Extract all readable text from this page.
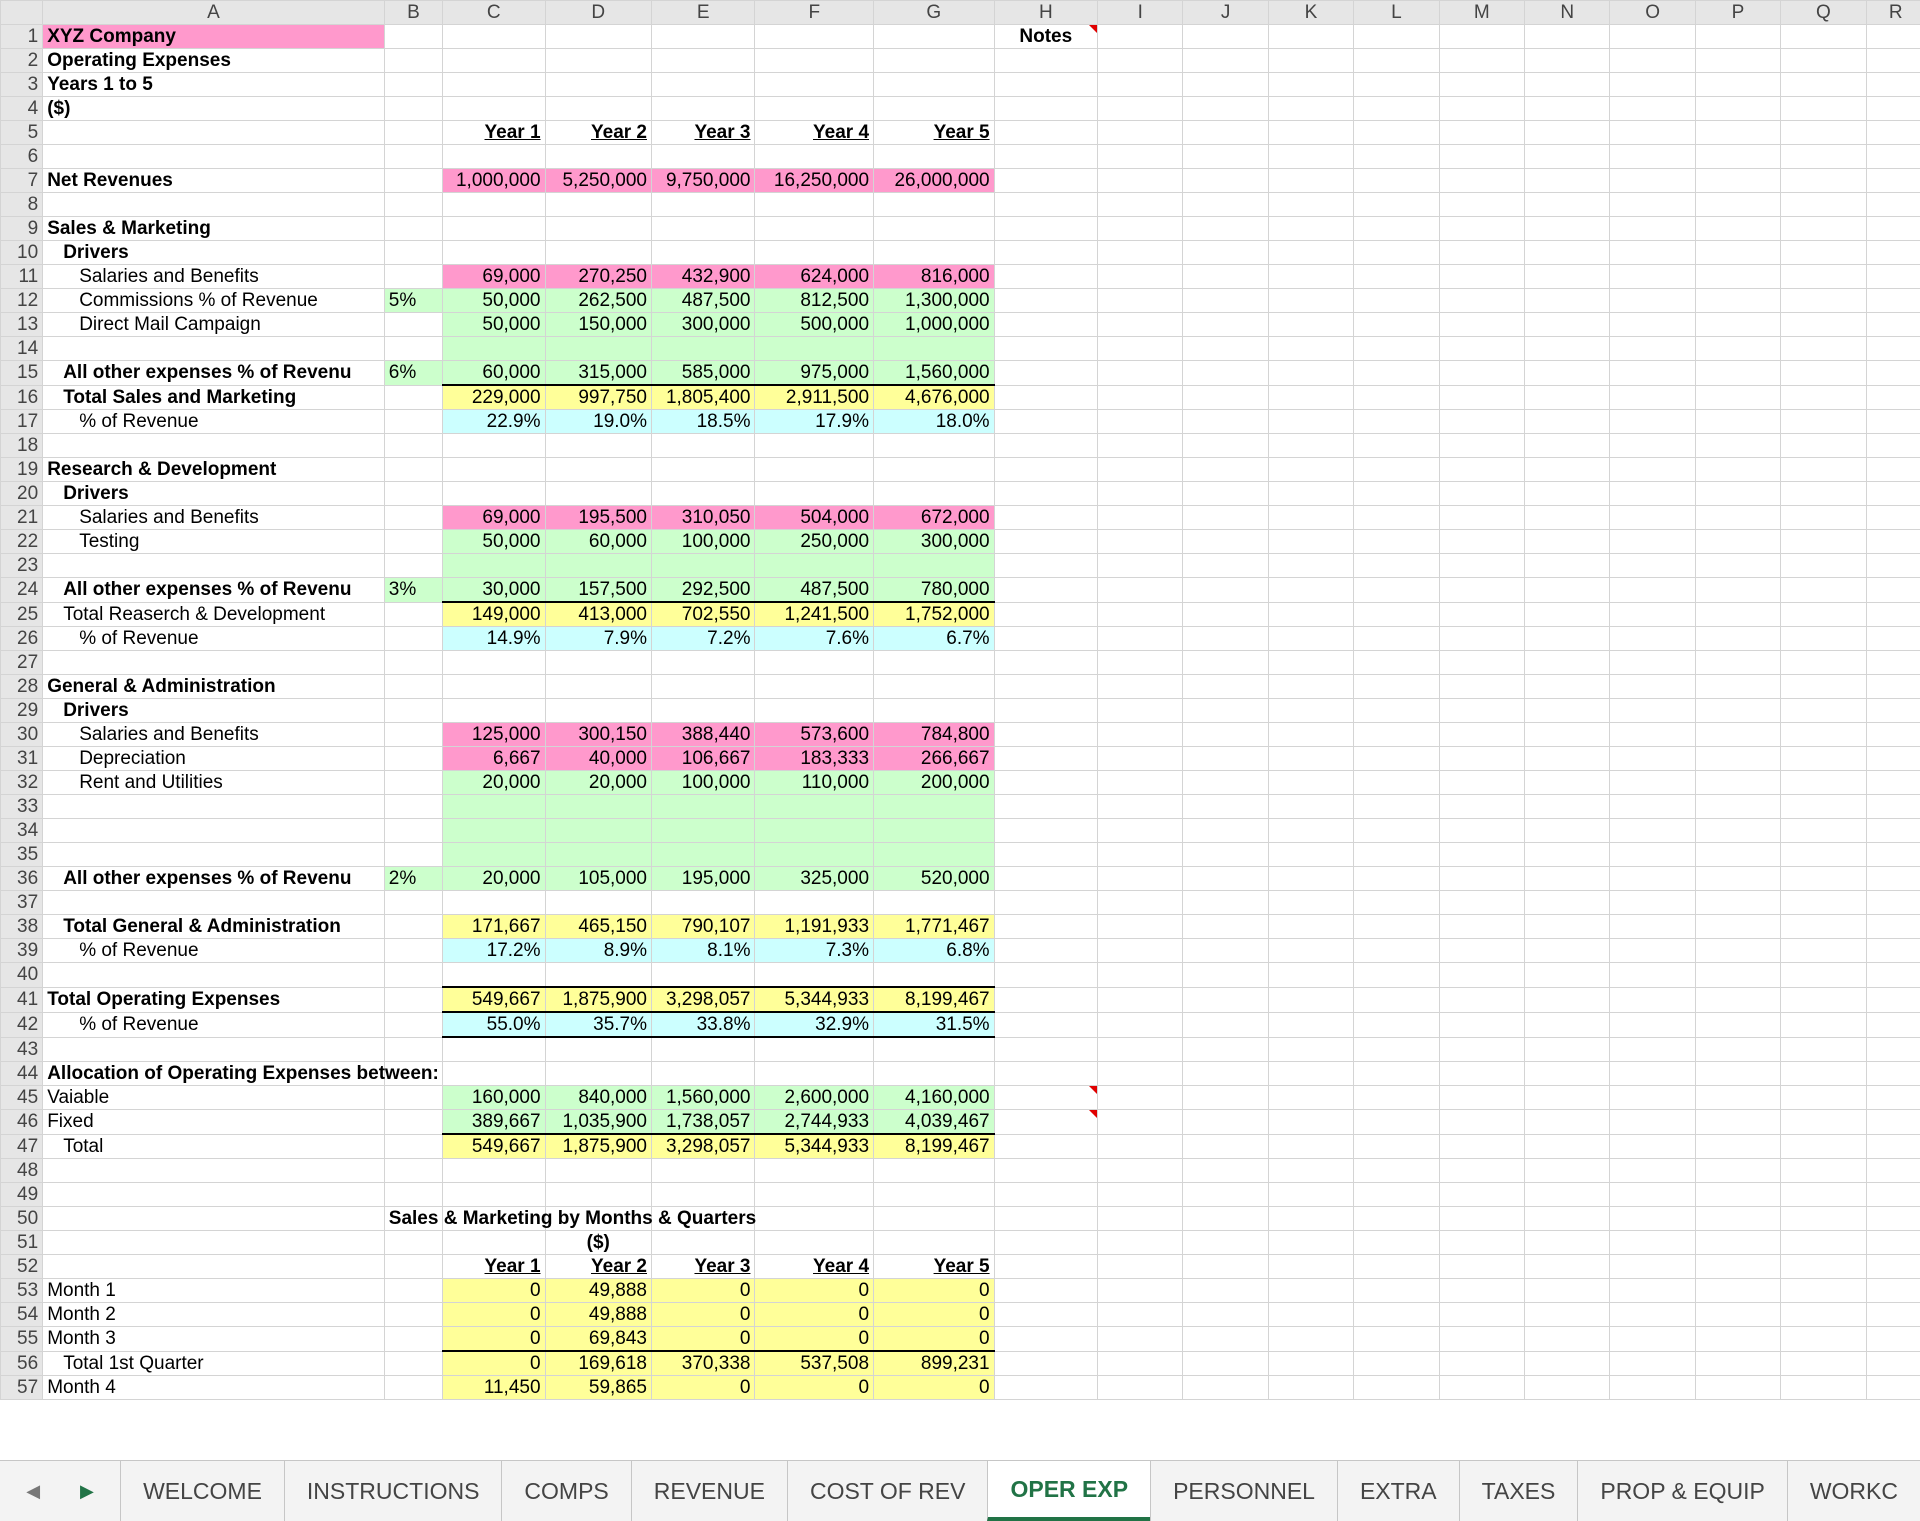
	A	B	C	D	E	F	G	H	I	J	K	L	M	N	O	P	Q	R
1	XYZ Company							Notes

2	Operating Expenses																	
3	Years 1 to 5																	
4	($)																	
5			Year 1	Year 2	Year 3	Year 4	Year 5											
6																		
7	Net Revenues		1,000,000	5,250,000	9,750,000	16,250,000	26,000,000											
8																		
9	Sales & Marketing																	
10	Drivers																	
11	Salaries and Benefits		69,000	270,250	432,900	624,000	816,000											
12	Commissions % of Revenue	5%	50,000	262,500	487,500	812,500	1,300,000											
13	Direct Mail Campaign		50,000	150,000	300,000	500,000	1,000,000											
14																		
15	All other expenses % of Revenu	6%	60,000	315,000	585,000	975,000	1,560,000											
16	Total Sales and Marketing		229,000	997,750	1,805,400	2,911,500	4,676,000											
17	% of Revenue		22.9%	19.0%	18.5%	17.9%	18.0%											
18																		
19	Research & Development																	
20	Drivers																	
21	Salaries and Benefits		69,000	195,500	310,050	504,000	672,000											
22	Testing		50,000	60,000	100,000	250,000	300,000											
23																		
24	All other expenses % of Revenu	3%	30,000	157,500	292,500	487,500	780,000											
25	Total Reaserch & Development		149,000	413,000	702,550	1,241,500	1,752,000											
26	% of Revenue		14.9%	7.9%	7.2%	7.6%	6.7%											
27																		
28	General & Administration																	
29	Drivers																	
30	Salaries and Benefits		125,000	300,150	388,440	573,600	784,800											
31	Depreciation		6,667	40,000	106,667	183,333	266,667											
32	Rent and Utilities		20,000	20,000	100,000	110,000	200,000											
33																		
34																		
35																		
36	All other expenses % of Revenu	2%	20,000	105,000	195,000	325,000	520,000											
37																		
38	Total General & Administration		171,667	465,150	790,107	1,191,933	1,771,467											
39	% of Revenue		17.2%	8.9%	8.1%	7.3%	6.8%											
40																		
41	Total Operating Expenses		549,667	1,875,900	3,298,057	5,344,933	8,199,467											
42	% of Revenue		55.0%	35.7%	33.8%	32.9%	31.5%											
43																		
44	Allocation of Operating Expenses between:																	
45	Vaiable		160,000	840,000	1,560,000	2,600,000	4,160,000	

46	Fixed		389,667	1,035,900	1,738,057	2,744,933	4,039,467	

47	Total		549,667	1,875,900	3,298,057	5,344,933	8,199,467											
48																		
49																		
50		Sales & Marketing by Months & Quarters																
51				($)														
52			Year 1	Year 2	Year 3	Year 4	Year 5											
53	Month 1		0	49,888	0	0	0											
54	Month 2		0	49,888	0	0	0											
55	Month 3		0	69,843	0	0	0											
56	Total 1st Quarter		0	169,618	370,338	537,508	899,231											
57	Month 4		11,450	59,865	0	0	0											
◀ ▶	WELCOME	INSTRUCTIONS	COMPS	REVENUE	COST OF REV	OPER EXP	PERSONNEL	EXTRA	TAXES	PROP & EQUIP	WORKC
